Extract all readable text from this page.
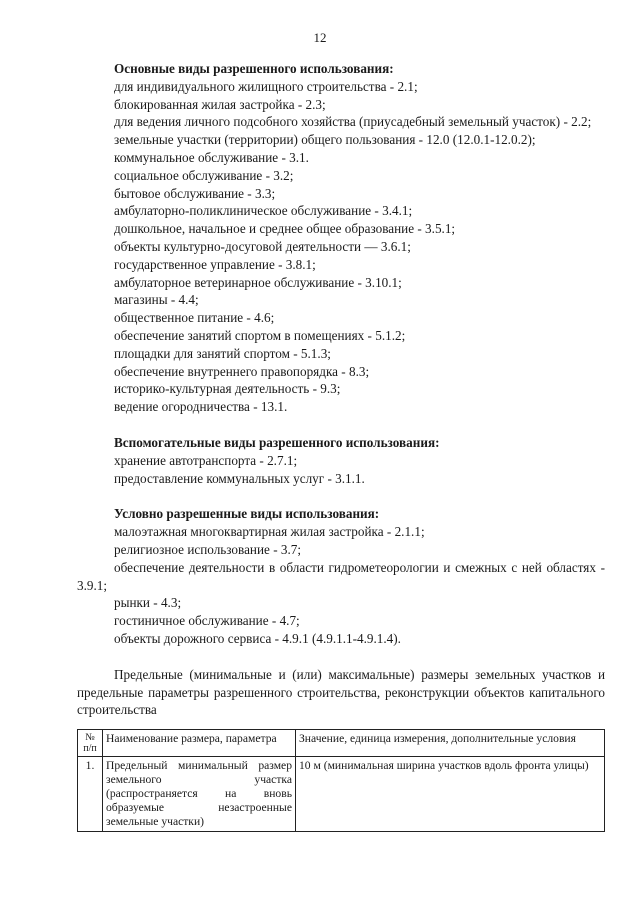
12

Основные виды разрешенного использования:

для индивидуального жилищного строительства - 2.1;

блокированная жилая застройка - 2.3;

для ведения личного подсобного хозяйства (приусадебный земельный участок) - 2.2;

земельные участки (территории) общего пользования - 12.0 (12.0.1-12.0.2);

коммунальное обслуживание - 3.1.

социальное обслуживание - 3.2;

бытовое обслуживание - 3.3;

амбулаторно-поликлиническое обслуживание - 3.4.1;

дошкольное, начальное и среднее общее образование - 3.5.1;

объекты культурно-досуговой деятельности — 3.6.1;

государственное управление - 3.8.1;

амбулаторное ветеринарное обслуживание - 3.10.1;

магазины - 4.4;

общественное питание - 4.6;

обеспечение занятий спортом в помещениях - 5.1.2;

площадки для занятий спортом - 5.1.3;

обеспечение внутреннего правопорядка - 8.3;

историко-культурная деятельность - 9.3;

ведение огородничества - 13.1.

Вспомогательные виды разрешенного использования:

хранение автотранспорта - 2.7.1;

предоставление коммунальных услуг - 3.1.1.

Условно разрешенные виды использования:

малоэтажная многоквартирная жилая застройка - 2.1.1;

религиозное использование - 3.7;

обеспечение деятельности в области гидрометеорологии и смежных с ней областях - 3.9.1;

рынки - 4.3;

гостиничное обслуживание - 4.7;

объекты дорожного сервиса - 4.9.1 (4.9.1.1-4.9.1.4).

Предельные (минимальные и (или) максимальные) размеры земельных участков и предельные параметры разрешенного строительства, реконструкции объектов капитального строительства

№ п/п	Наименование размера, параметра	Значение, единица измерения, дополнительные условия
1.	Предельный минимальный размер земельного участка (распространяется на вновь образуемые незастроенные земельные участки)	10 м (минимальная ширина участков вдоль фронта улицы)
